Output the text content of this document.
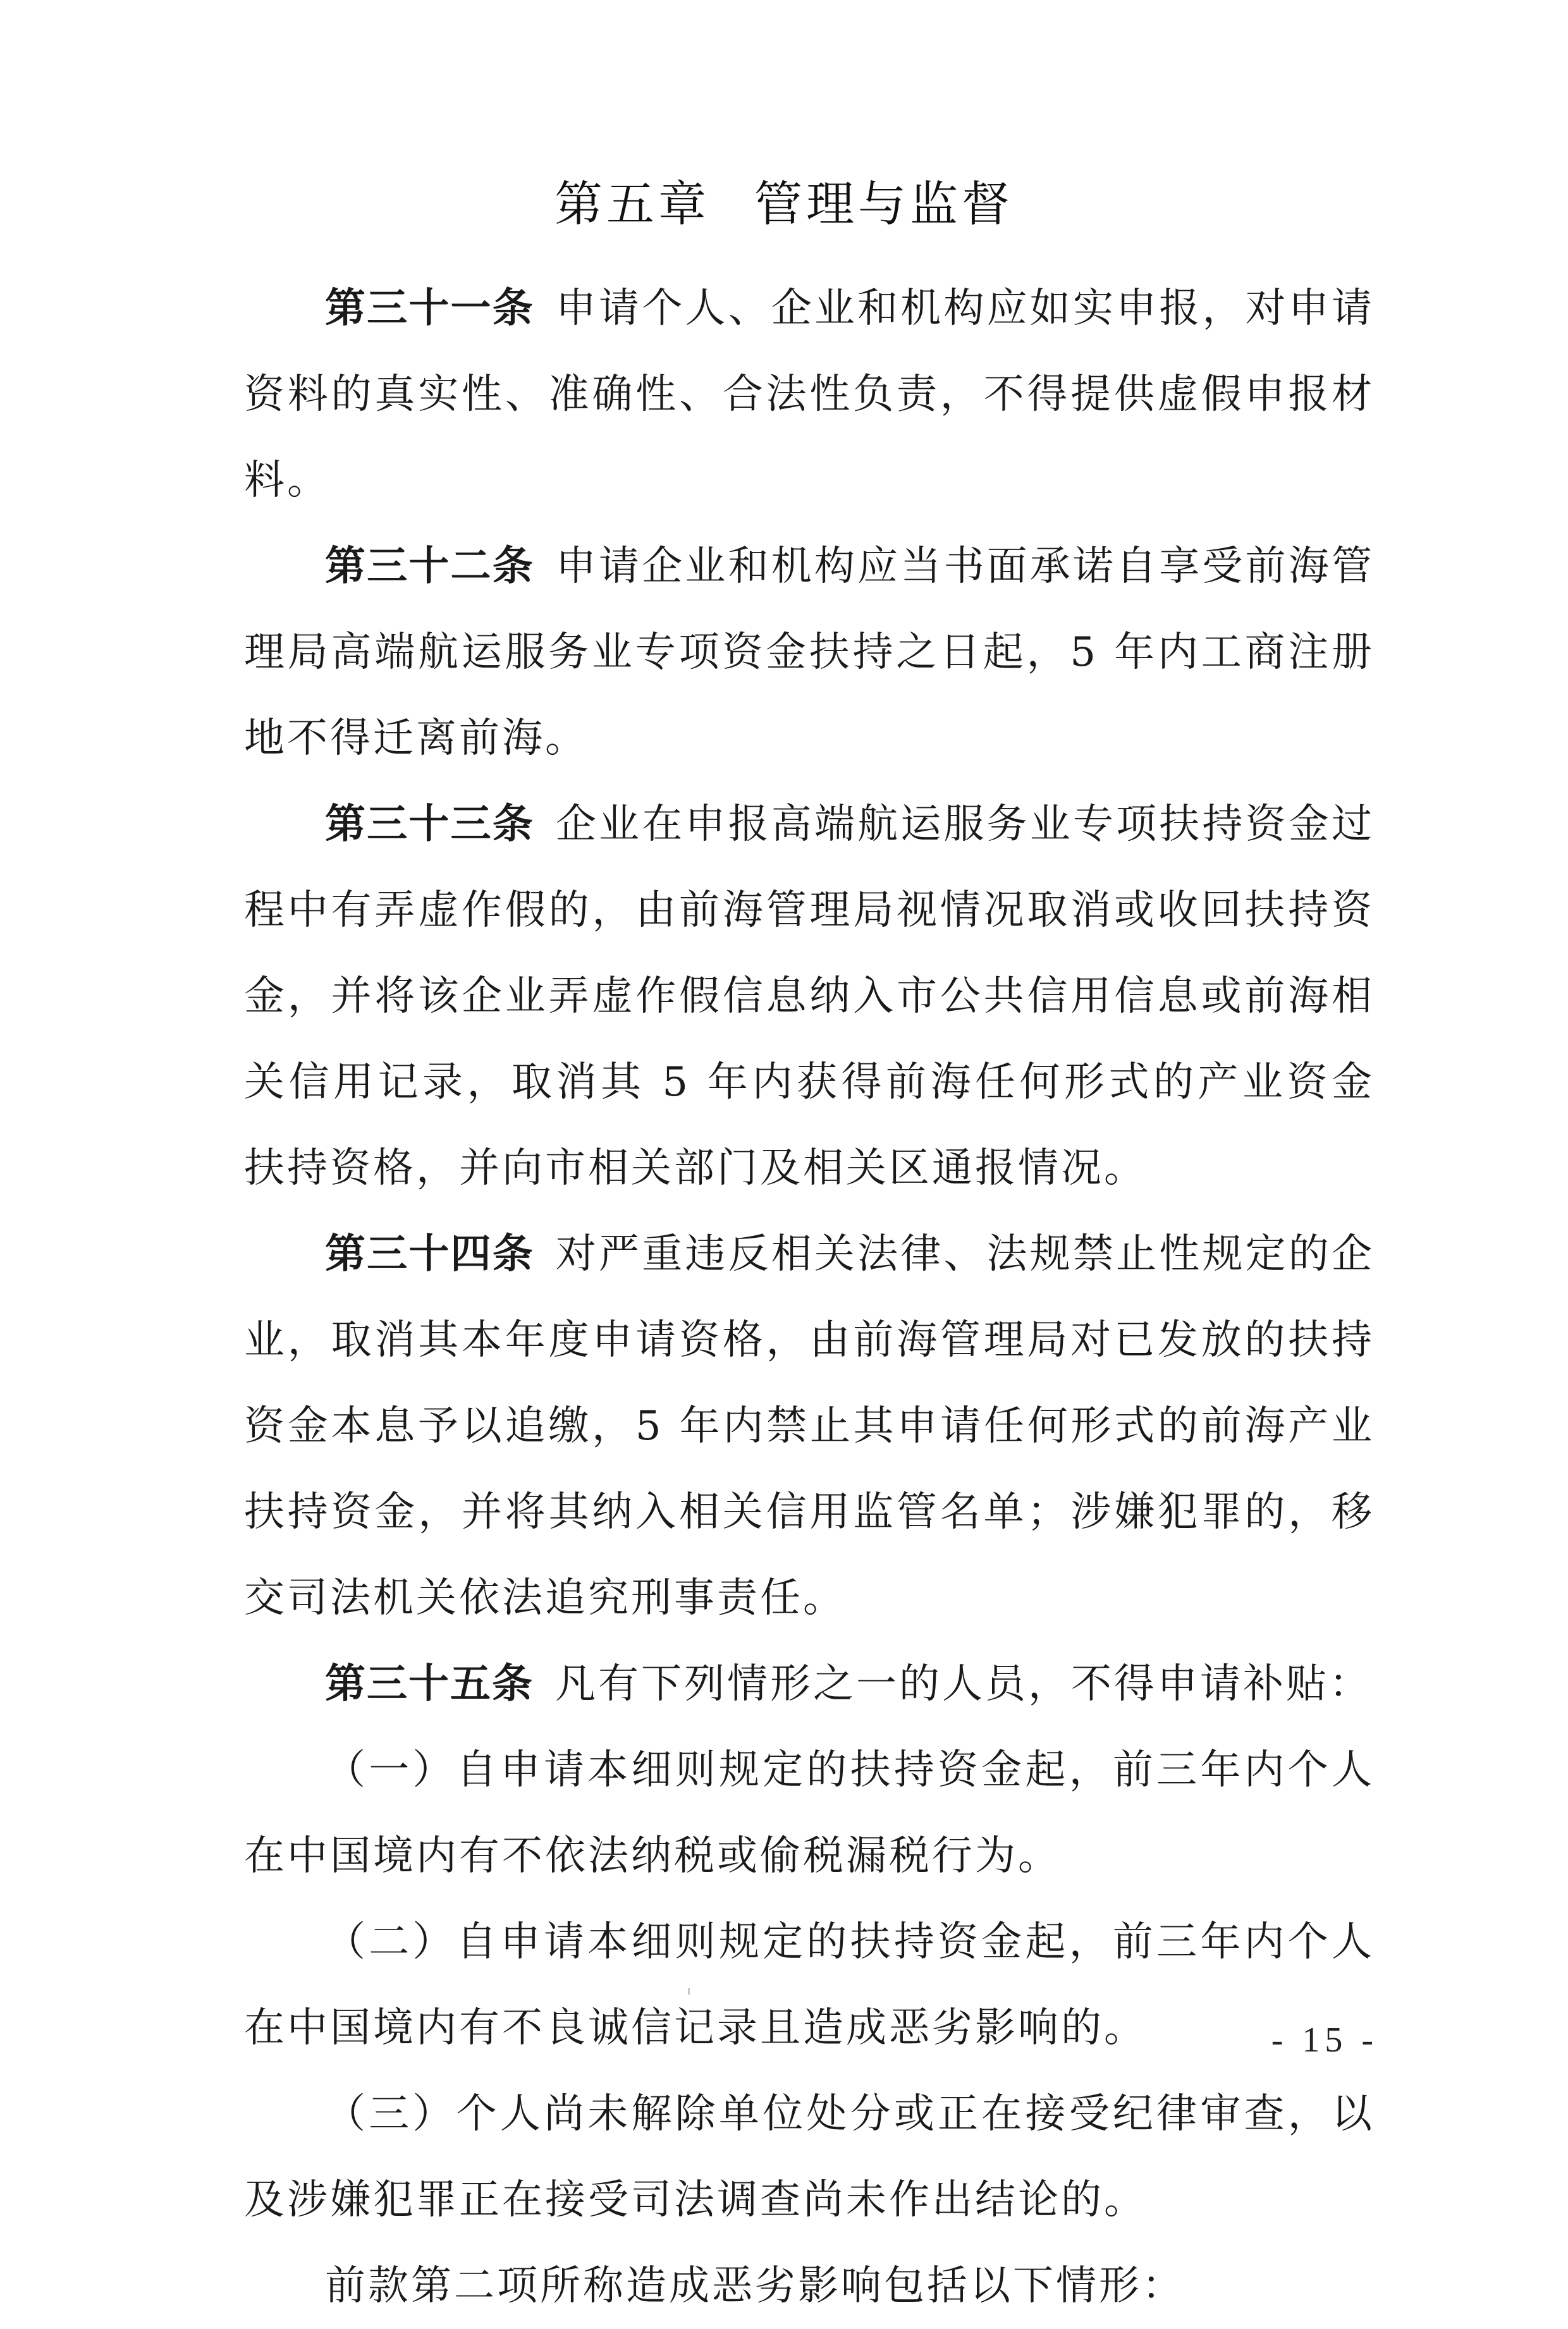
第五章 管理与监督

第三十一条 申请个人、企业和机构应如实申报，对申请资料的真实性、准确性、合法性负责，不得提供虚假申报材料。

第三十二条 申请企业和机构应当书面承诺自享受前海管理局高端航运服务业专项资金扶持之日起，5 年内工商注册地不得迁离前海。

第三十三条 企业在申报高端航运服务业专项扶持资金过程中有弄虚作假的，由前海管理局视情况取消或收回扶持资金，并将该企业弄虚作假信息纳入市公共信用信息或前海相关信用记录，取消其 5 年内获得前海任何形式的产业资金扶持资格，并向市相关部门及相关区通报情况。

第三十四条 对严重违反相关法律、法规禁止性规定的企业，取消其本年度申请资格，由前海管理局对已发放的扶持资金本息予以追缴，5 年内禁止其申请任何形式的前海产业扶持资金，并将其纳入相关信用监管名单；涉嫌犯罪的，移交司法机关依法追究刑事责任。

第三十五条 凡有下列情形之一的人员，不得申请补贴：

（一）自申请本细则规定的扶持资金起，前三年内个人在中国境内有不依法纳税或偷税漏税行为。

（二）自申请本细则规定的扶持资金起，前三年内个人在中国境内有不良诚信记录且造成恶劣影响的。

（三）个人尚未解除单位处分或正在接受纪律审查，以及涉嫌犯罪正在接受司法调查尚未作出结论的。

前款第二项所称造成恶劣影响包括以下情形：

- 15 -
